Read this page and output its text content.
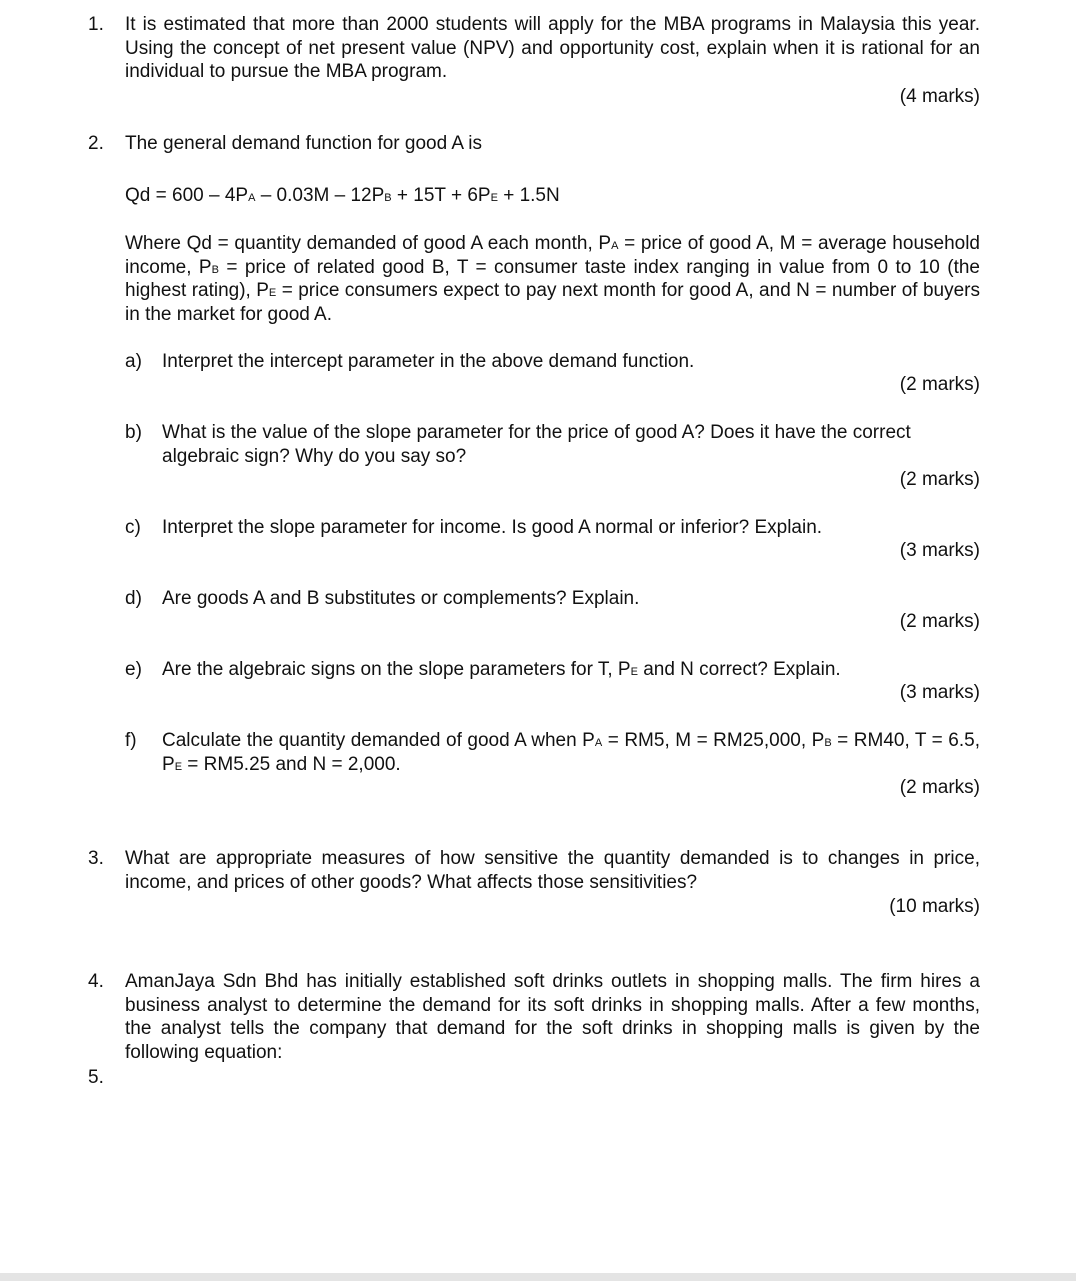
1. It is estimated that more than 2000 students will apply for the MBA programs in Malaysia this year. Using the concept of net present value (NPV) and opportunity cost, explain when it is rational for an individual to pursue the MBA program.
(4 marks)
2. The general demand function for good A is
Qd = 600 – 4PA – 0.03M – 12PB + 15T + 6PE + 1.5N
Where Qd = quantity demanded of good A each month, PA = price of good A, M = average household income, PB = price of related good B, T = consumer taste index ranging in value from 0 to 10 (the highest rating), PE = price consumers expect to pay next month for good A, and N = number of buyers in the market for good A.
a) Interpret the intercept parameter in the above demand function.
(2 marks)
b) What is the value of the slope parameter for the price of good A? Does it have the correct algebraic sign? Why do you say so?
(2 marks)
c) Interpret the slope parameter for income. Is good A normal or inferior? Explain.
(3 marks)
d) Are goods A and B substitutes or complements? Explain.
(2 marks)
e) Are the algebraic signs on the slope parameters for T, PE and N correct? Explain.
(3 marks)
f) Calculate the quantity demanded of good A when PA = RM5, M = RM25,000, PB = RM40, T = 6.5, PE = RM5.25 and N = 2,000.
(2 marks)
3. What are appropriate measures of how sensitive the quantity demanded is to changes in price, income, and prices of other goods? What affects those sensitivities?
(10 marks)
4. AmanJaya Sdn Bhd has initially established soft drinks outlets in shopping malls. The firm hires a business analyst to determine the demand for its soft drinks in shopping malls. After a few months, the analyst tells the company that demand for the soft drinks in shopping malls is given by the following equation:
5.
